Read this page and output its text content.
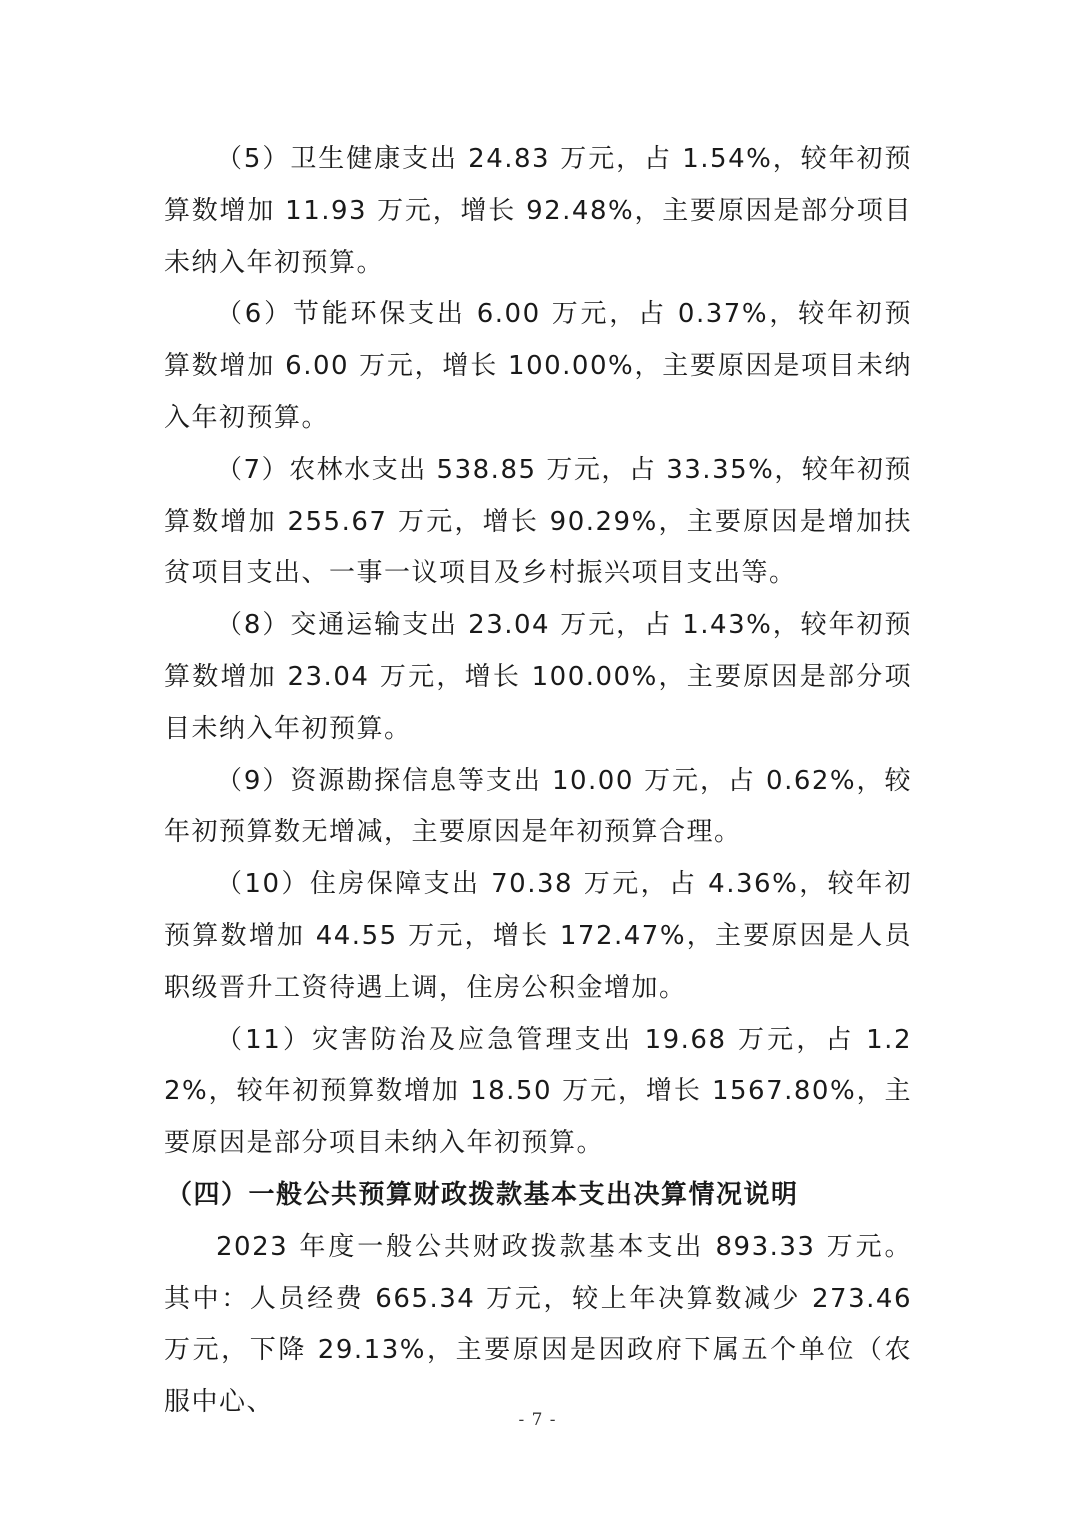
（5）卫生健康支出 24.83 万元，占 1.54%，较年初预算数增加 11.93 万元，增长 92.48%，主要原因是部分项目未纳入年初预算。

（6）节能环保支出 6.00 万元，占 0.37%，较年初预算数增加 6.00 万元，增长 100.00%，主要原因是项目未纳入年初预算。

（7）农林水支出 538.85 万元，占 33.35%，较年初预算数增加 255.67 万元，增长 90.29%，主要原因是增加扶贫项目支出、一事一议项目及乡村振兴项目支出等。

（8）交通运输支出 23.04 万元，占 1.43%，较年初预算数增加 23.04 万元，增长 100.00%，主要原因是部分项目未纳入年初预算。

（9）资源勘探信息等支出 10.00 万元，占 0.62%，较年初预算数无增减，主要原因是年初预算合理。

（10）住房保障支出 70.38 万元，占 4.36%，较年初预算数增加 44.55 万元，增长 172.47%，主要原因是人员职级晋升工资待遇上调，住房公积金增加。

（11）灾害防治及应急管理支出 19.68 万元，占 1.22%，较年初预算数增加 18.50 万元，增长 1567.80%，主要原因是部分项目未纳入年初预算。

（四）一般公共预算财政拨款基本支出决算情况说明

2023 年度一般公共财政拨款基本支出 893.33 万元。其中：人员经费 665.34 万元，较上年决算数减少 273.46 万元，下降 29.13%，主要原因是因政府下属五个单位（农服中心、

- 7 -
